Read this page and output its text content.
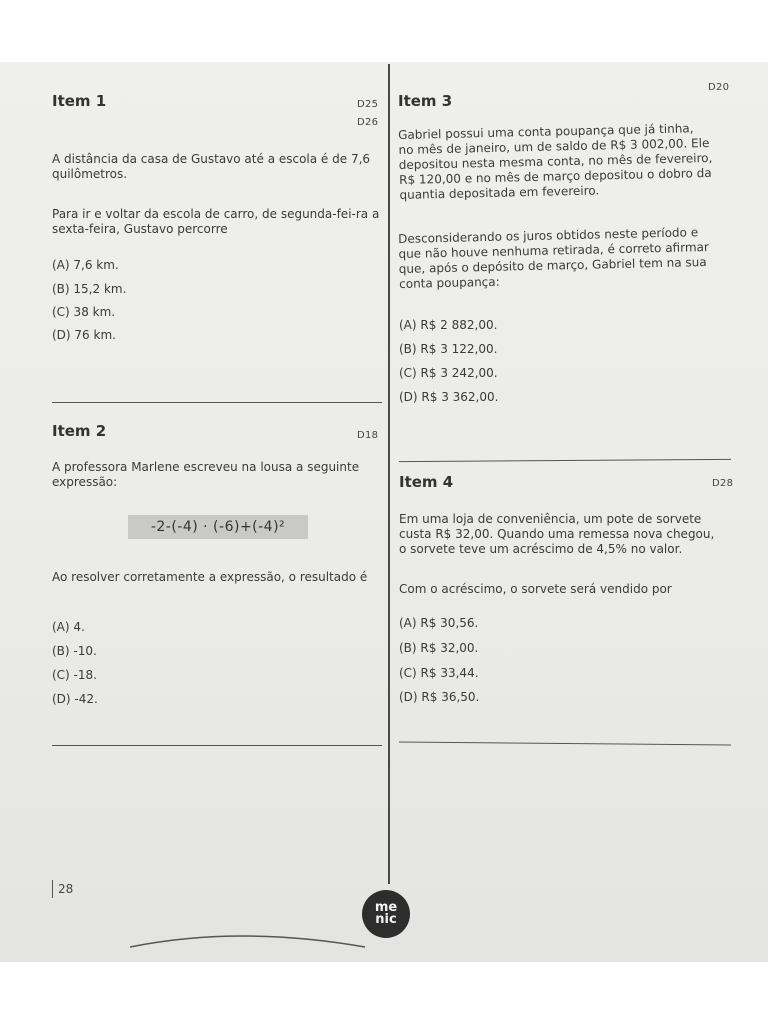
Item 1	D25
D26
A distância da casa de Gustavo até a escola é de 7,6 quilômetros.
Para ir e voltar da escola de carro, de segunda-fei-ra a sexta-feira, Gustavo percorre
(A) 7,6 km.
(B) 15,2 km.
(C) 38 km.
(D) 76 km.
Item 2	D18
A professora Marlene escreveu na lousa a seguinte expressão:
-2-(-4) · (-6)+(-4)²
Ao resolver corretamente a expressão, o resultado é
(A) 4.
(B) -10.
(C) -18.
(D) -42.
D20
Item 3
Gabriel possui uma conta poupança que já tinha,
no mês de janeiro, um de saldo de R$ 3 002,00. Ele
depositou nesta mesma conta, no mês de fevereiro,
R$ 120,00 e no mês de março depositou o dobro da
quantia depositada em fevereiro.
Desconsiderando os juros obtidos neste período e
que não houve nenhuma retirada, é correto afirmar
que, após o depósito de março, Gabriel tem na sua
conta poupança:
(A) R$ 2 882,00.
(B) R$ 3 122,00.
(C) R$ 3 242,00.
(D) R$ 3 362,00.
Item 4	D28
Em uma loja de conveniência, um pote de sorvete
custa R$ 32,00. Quando uma remessa nova chegou,
o sorvete teve um acréscimo de 4,5% no valor.
Com o acréscimo, o sorvete será vendido por
(A) R$ 30,56.
(B) R$ 32,00.
(C) R$ 33,44.
(D) R$ 36,50.
28
me
nic
